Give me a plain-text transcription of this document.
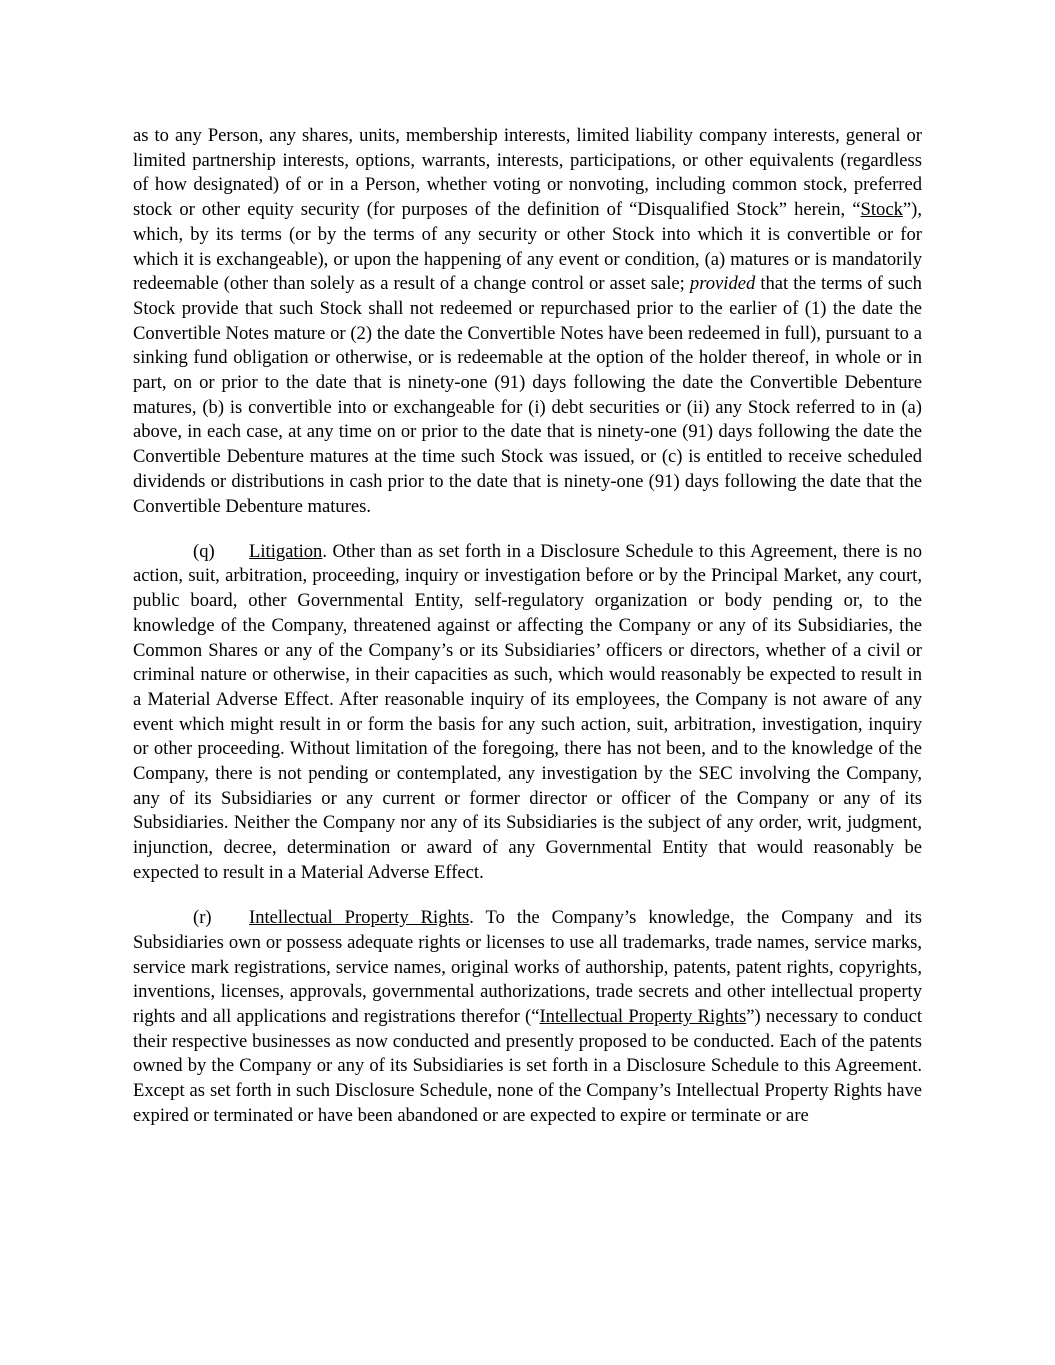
as to any Person, any shares, units, membership interests, limited liability company interests, general or limited partnership interests, options, warrants, interests, participations, or other equivalents (regardless of how designated) of or in a Person, whether voting or nonvoting, including common stock, preferred stock or other equity security (for purposes of the definition of “Disqualified Stock” herein, “Stock”), which, by its terms (or by the terms of any security or other Stock into which it is convertible or for which it is exchangeable), or upon the happening of any event or condition, (a) matures or is mandatorily redeemable (other than solely as a result of a change control or asset sale; provided that the terms of such Stock provide that such Stock shall not redeemed or repurchased prior to the earlier of (1) the date the Convertible Notes mature or (2) the date the Convertible Notes have been redeemed in full), pursuant to a sinking fund obligation or otherwise, or is redeemable at the option of the holder thereof, in whole or in part, on or prior to the date that is ninety-one (91) days following the date the Convertible Debenture matures, (b) is convertible into or exchangeable for (i) debt securities or (ii) any Stock referred to in (a) above, in each case, at any time on or prior to the date that is ninety-one (91) days following the date the Convertible Debenture matures at the time such Stock was issued, or (c) is entitled to receive scheduled dividends or distributions in cash prior to the date that is ninety-one (91) days following the date that the Convertible Debenture matures.

(q) Litigation. Other than as set forth in a Disclosure Schedule to this Agreement, there is no action, suit, arbitration, proceeding, inquiry or investigation before or by the Principal Market, any court, public board, other Governmental Entity, self-regulatory organization or body pending or, to the knowledge of the Company, threatened against or affecting the Company or any of its Subsidiaries, the Common Shares or any of the Company’s or its Subsidiaries’ officers or directors, whether of a civil or criminal nature or otherwise, in their capacities as such, which would reasonably be expected to result in a Material Adverse Effect. After reasonable inquiry of its employees, the Company is not aware of any event which might result in or form the basis for any such action, suit, arbitration, investigation, inquiry or other proceeding. Without limitation of the foregoing, there has not been, and to the knowledge of the Company, there is not pending or contemplated, any investigation by the SEC involving the Company, any of its Subsidiaries or any current or former director or officer of the Company or any of its Subsidiaries. Neither the Company nor any of its Subsidiaries is the subject of any order, writ, judgment, injunction, decree, determination or award of any Governmental Entity that would reasonably be expected to result in a Material Adverse Effect.

(r) Intellectual Property Rights. To the Company’s knowledge, the Company and its Subsidiaries own or possess adequate rights or licenses to use all trademarks, trade names, service marks, service mark registrations, service names, original works of authorship, patents, patent rights, copyrights, inventions, licenses, approvals, governmental authorizations, trade secrets and other intellectual property rights and all applications and registrations therefor (“Intellectual Property Rights”) necessary to conduct their respective businesses as now conducted and presently proposed to be conducted. Each of the patents owned by the Company or any of its Subsidiaries is set forth in a Disclosure Schedule to this Agreement. Except as set forth in such Disclosure Schedule, none of the Company’s Intellectual Property Rights have expired or terminated or have been abandoned or are expected to expire or terminate or are
